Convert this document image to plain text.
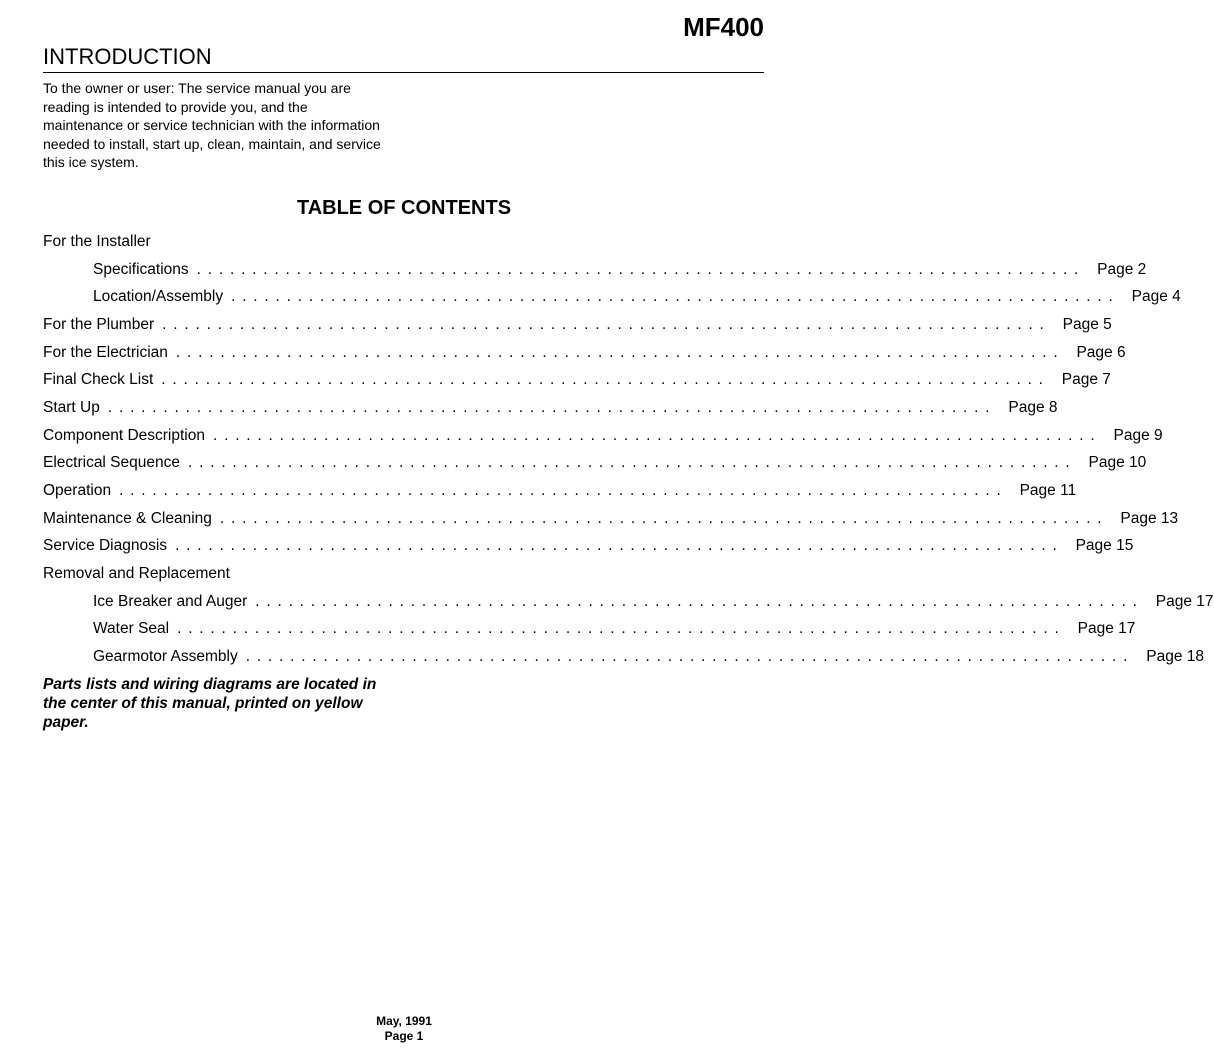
MF400
INTRODUCTION
To the owner or user: The service manual you are reading is intended to provide you, and the maintenance or service technician with the information needed to install, start up, clean, maintain, and service this ice system.
TABLE OF CONTENTS
For the Installer
Specifications ................................................................................ Page 2
Location/Assembly ................................................................................ Page 4
For the Plumber ................................................................................ Page 5
For the Electrician ................................................................................ Page 6
Final Check List ................................................................................ Page 7
Start Up ................................................................................ Page 8
Component Description ................................................................................ Page 9
Electrical Sequence ................................................................................ Page 10
Operation ................................................................................ Page 11
Maintenance & Cleaning ................................................................................ Page 13
Service Diagnosis ................................................................................ Page 15
Removal and Replacement
Ice Breaker and Auger ................................................................................ Page 17
Water Seal ................................................................................ Page 17
Gearmotor Assembly ................................................................................ Page 18
Parts lists and wiring diagrams are located in the center of this manual, printed on yellow paper.
May, 1991
Page 1
